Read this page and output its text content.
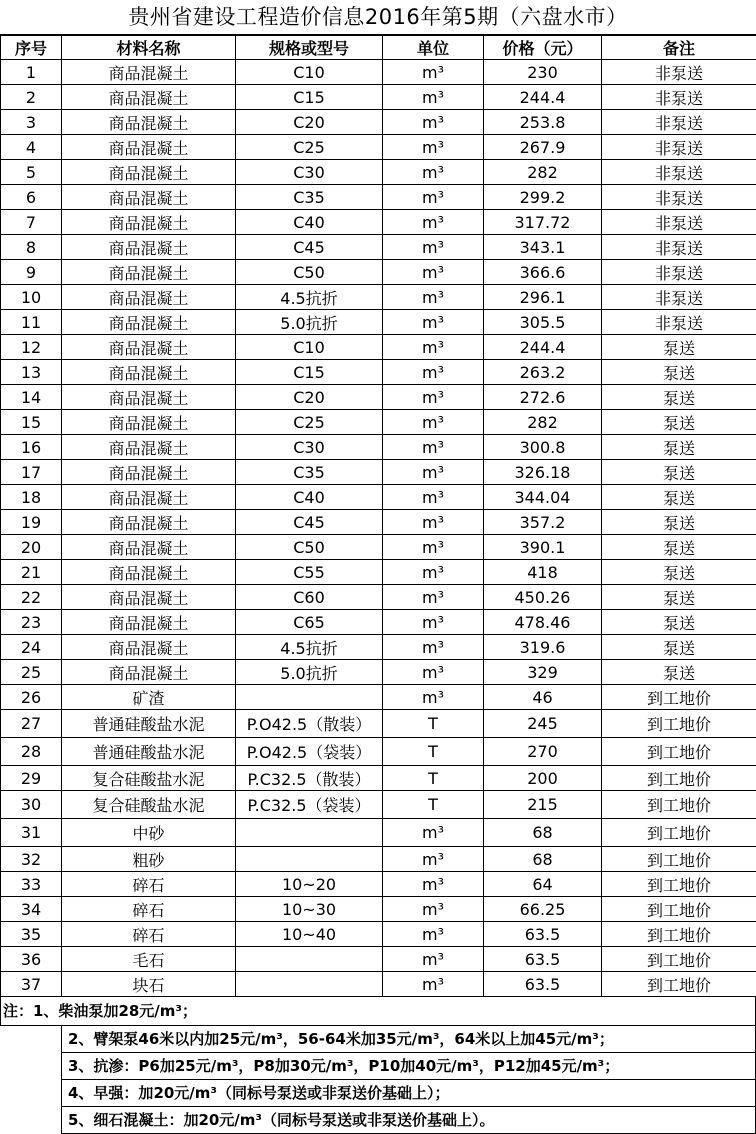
贵州省建设工程造价信息2016年第5期（六盘水市）
序号	材料名称	规格或型号	单位	价格（元）	备注
1	商品混凝土	C10	m³	230	非泵送
2	商品混凝土	C15	m³	244.4	非泵送
3	商品混凝土	C20	m³	253.8	非泵送
4	商品混凝土	C25	m³	267.9	非泵送
5	商品混凝土	C30	m³	282	非泵送
6	商品混凝土	C35	m³	299.2	非泵送
7	商品混凝土	C40	m³	317.72	非泵送
8	商品混凝土	C45	m³	343.1	非泵送
9	商品混凝土	C50	m³	366.6	非泵送
10	商品混凝土	4.5抗折	m³	296.1	非泵送
11	商品混凝土	5.0抗折	m³	305.5	非泵送
12	商品混凝土	C10	m³	244.4	泵送
13	商品混凝土	C15	m³	263.2	泵送
14	商品混凝土	C20	m³	272.6	泵送
15	商品混凝土	C25	m³	282	泵送
16	商品混凝土	C30	m³	300.8	泵送
17	商品混凝土	C35	m³	326.18	泵送
18	商品混凝土	C40	m³	344.04	泵送
19	商品混凝土	C45	m³	357.2	泵送
20	商品混凝土	C50	m³	390.1	泵送
21	商品混凝土	C55	m³	418	泵送
22	商品混凝土	C60	m³	450.26	泵送
23	商品混凝土	C65	m³	478.46	泵送
24	商品混凝土	4.5抗折	m³	319.6	泵送
25	商品混凝土	5.0抗折	m³	329	泵送
26	矿渣		m³	46	到工地价
27	普通硅酸盐水泥	P.O42.5（散装）	T	245	到工地价
28	普通硅酸盐水泥	P.O42.5（袋装）	T	270	到工地价
29	复合硅酸盐水泥	P.C32.5（散装）	T	200	到工地价
30	复合硅酸盐水泥	P.C32.5（袋装）	T	215	到工地价
31	中砂		m³	68	到工地价
32	粗砂		m³	68	到工地价
33	碎石	10~20	m³	64	到工地价
34	碎石	10~30	m³	66.25	到工地价
35	碎石	10~40	m³	63.5	到工地价
36	毛石		m³	63.5	到工地价
37	块石		m³	63.5	到工地价
注：1、柴油泵加28元/m³；
2、臂架泵46米以内加25元/m³，56-64米加35元/m³，64米以上加45元/m³；
3、抗渗：P6加25元/m³，P8加30元/m³，P10加40元/m³，P12加45元/m³；
4、早强：加20元/m³（同标号泵送或非泵送价基础上）；
5、细石混凝土：加20元/m³（同标号泵送或非泵送价基础上）。
